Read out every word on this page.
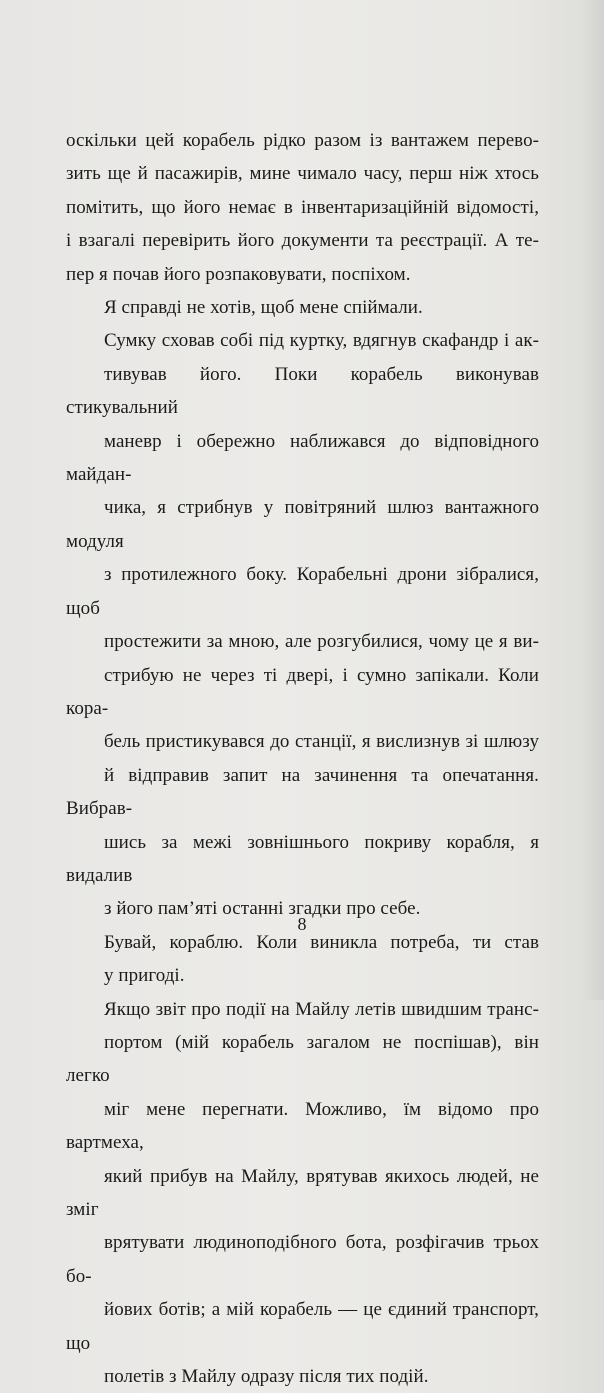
оскільки цей корабель рідко разом із вантажем перево-
зить ще й пасажирів, мине чимало часу, перш ніж хтось
помітить, що його немає в інвентаризаційній відомості,
і взагалі перевірить його документи та реєстрації. А те-
пер я почав його розпаковувати, поспіхом.

Я справді не хотів, щоб мене спіймали.

Сумку сховав собі під куртку, вдягнув скафандр і ак-

тивував його. Поки корабель виконував стикувальний
маневр і обережно наближався до відповідного майдан-
чика, я стрибнув у повітряний шлюз вантажного модуля
з протилежного боку. Корабельні дрони зібралися, щоб
простежити за мною, але розгубилися, чому це я ви-
стрибую не через ті двері, і сумно запікали. Коли кора-
бель пристикувався до станції, я вислизнув зі шлюзу
й відправив запит на зачинення та опечатання. Вибрав-
шись за межі зовнішнього покриву корабля, я видалив
з його пам’яті останні згадки про себе.

Бувай, кораблю. Коли виникла потреба, ти став

у пригоді.

Якщо звіт про події на Майлу летів швидшим транс-

портом (мій корабель загалом не поспішав), він легко
міг мене перегнати. Можливо, їм відомо про вартмеха,
який прибув на Майлу, врятував якихось людей, не зміг
врятувати людиноподібного бота, розфігачив трьох бо-
йових ботів; а мій корабель — це єдиний транспорт, що
полетів з Майлу одразу після тих подій.

8
